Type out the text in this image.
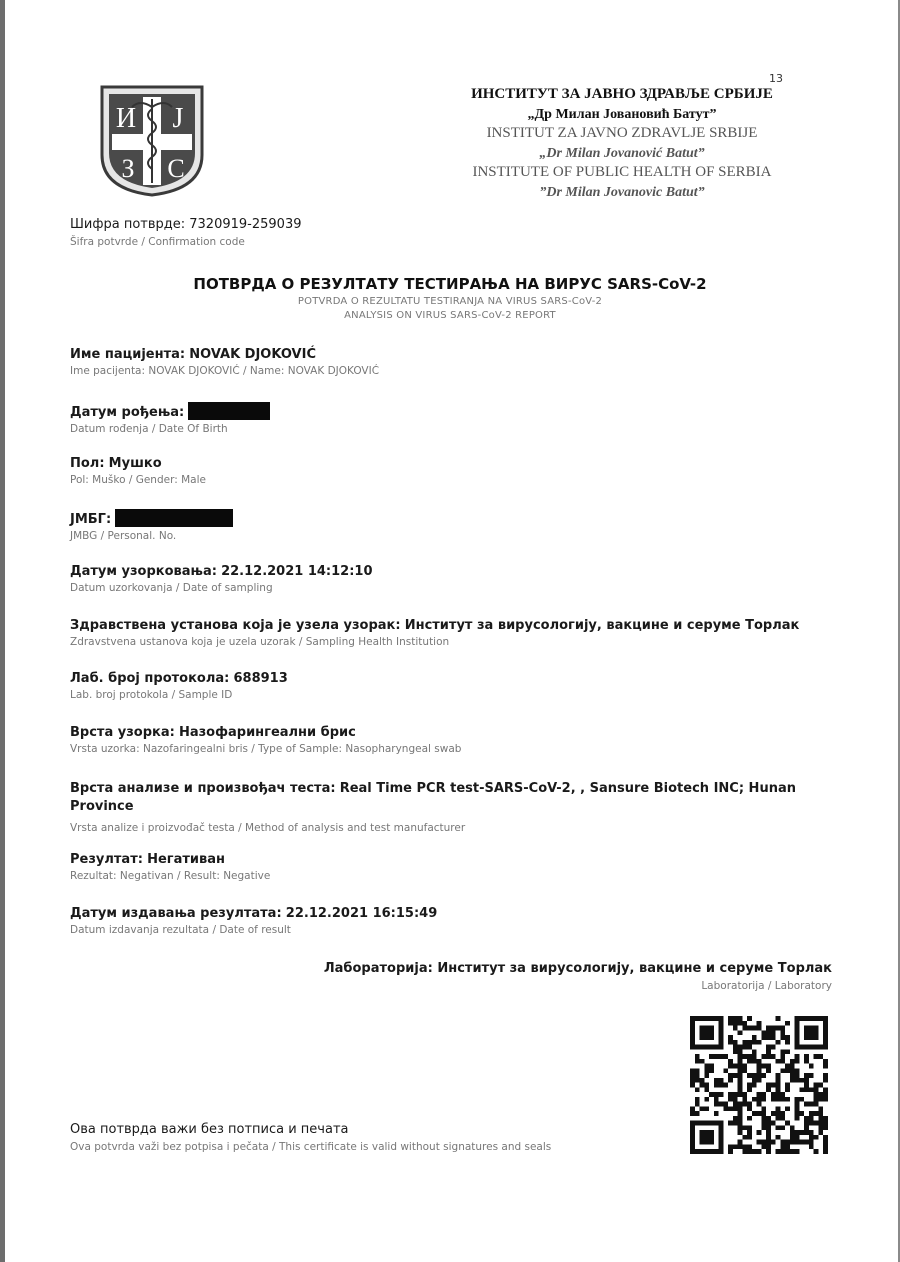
13
И Ј
З С
ИНСТИТУТ ЗА ЈАВНО ЗДРАВЉЕ СРБИЈЕ
„Др Милан Јовановић Батут”
INSTITUT ZA JAVNO ZDRAVLJE SRBIJE
„Dr Milan Jovanović Batut”
INSTITUTE OF PUBLIC HEALTH OF SERBIA
”Dr Milan Jovanovic Batut”
Шифра потврде: 7320919-259039
Šifra potvrde / Confirmation code
ПОТВРДА О РЕЗУЛТАТУ ТЕСТИРАЊА НА ВИРУС SARS-CoV-2
POTVRDA O REZULTATU TESTIRANJA NA VIRUS SARS-CoV-2
ANALYSIS ON VIRUS SARS-CoV-2 REPORT
Име пацијента: NOVAK DJOKOVIĆ
Ime pacijenta: NOVAK DJOKOVIĆ / Name: NOVAK DJOKOVIĆ
Датум рођења:
Datum rođenja / Date Of Birth
Пол: Мушко
Pol: Muško / Gender: Male
ЈМБГ:
JMBG / Personal. No.
Датум узорковања: 22.12.2021 14:12:10
Datum uzorkovanja / Date of sampling
Здравствена установа која је узела узорак: Институт за вирусологију, вакцине и серуме Торлак
Zdravstvena ustanova koja je uzela uzorak / Sampling Health Institution
Лаб. број протокола: 688913
Lab. broj protokola / Sample ID
Врста узорка: Назофарингеални брис
Vrsta uzorka: Nazofaringealni bris / Type of Sample: Nasopharyngeal swab
Врста анализе и произвођач теста: Real Time PCR test-SARS-CoV-2, , Sansure Biotech INC; Hunan Province
Vrsta analize i proizvođač testa / Method of analysis and test manufacturer
Резултат: Негативан
Rezultat: Negativan / Result: Negative
Датум издавања резултата: 22.12.2021 16:15:49
Datum izdavanja rezultata / Date of result
Лабораторија: Институт за вирусологију, вакцине и серуме Торлак
Laboratorija / Laboratory
Ова потврда важи без потписа и печата
Ova potvrda važi bez potpisa i pečata / This certificate is valid without signatures and seals
